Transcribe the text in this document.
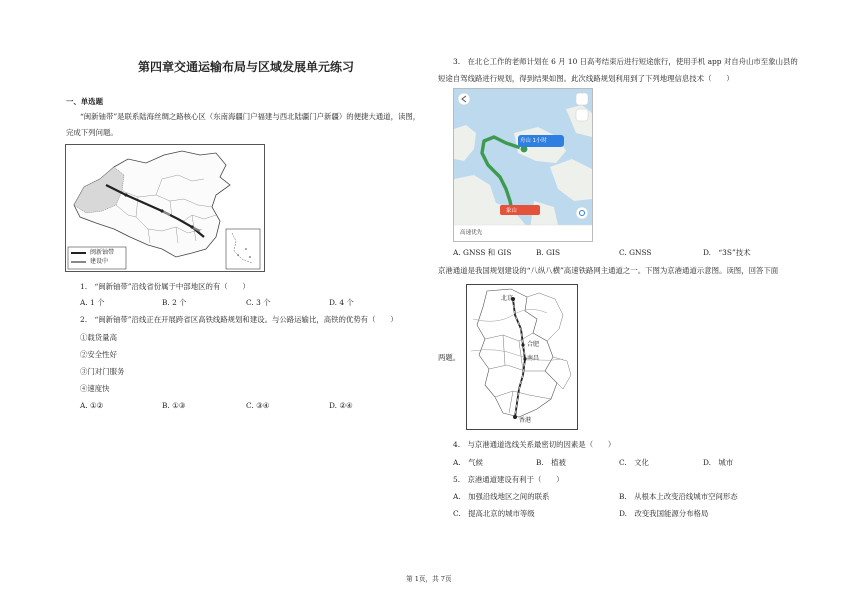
第四章交通运输布局与区域发展单元练习
一、单选题
“闽新铀带”是联系陆海丝绸之路核心区（东南海疆门户福建与西北陆疆门户新疆）的便捷大通道，读图，
完成下列问题。
闽新铀带
建设中
1.　“闽新铀带”沿线省份属于中部地区的有（　　）
A. 1 个	B. 2 个	C. 3 个	D. 4 个
2.　“闽新铀带”沿线正在开展跨省区高铁线路规划和建设。与公路运输比，高铁的优势有（　　）
①载货量高
②安全性好
③门对门服务
④速度快
A. ①②	B. ①③	C. ③④	D. ②④
3.　在北仑工作的老师计划在 6 月 10 日高考结束后进行短途旅行，使用手机 app 对自舟山市至象山县的
短途自驾线路进行规划，得到结果如图。此次线路规划利用到了下列地理信息技术（　　）
舟山 1小时
象山
高速优先
A. GNSS 和 GIS	B. GIS	C. GNSS	D.　“3S”技术
京港通道是我国规划建设的“八纵八横”高速铁路网主通道之一。下图为京港通道示意图。读图，回答下面
北京
合肥
南昌
香港
两题。
4.　与京港通道选线关系最密切的因素是（　　）
A.　气候	B.　植被	C.　文化	D.　城市
5.　京港通道建设有利于（　　）
A.　加强沿线地区之间的联系	B.　从根本上改变沿线城市空间形态
C.　提高北京的城市等级	D.　改变我国能源分布格局
第 1页，共 7页
